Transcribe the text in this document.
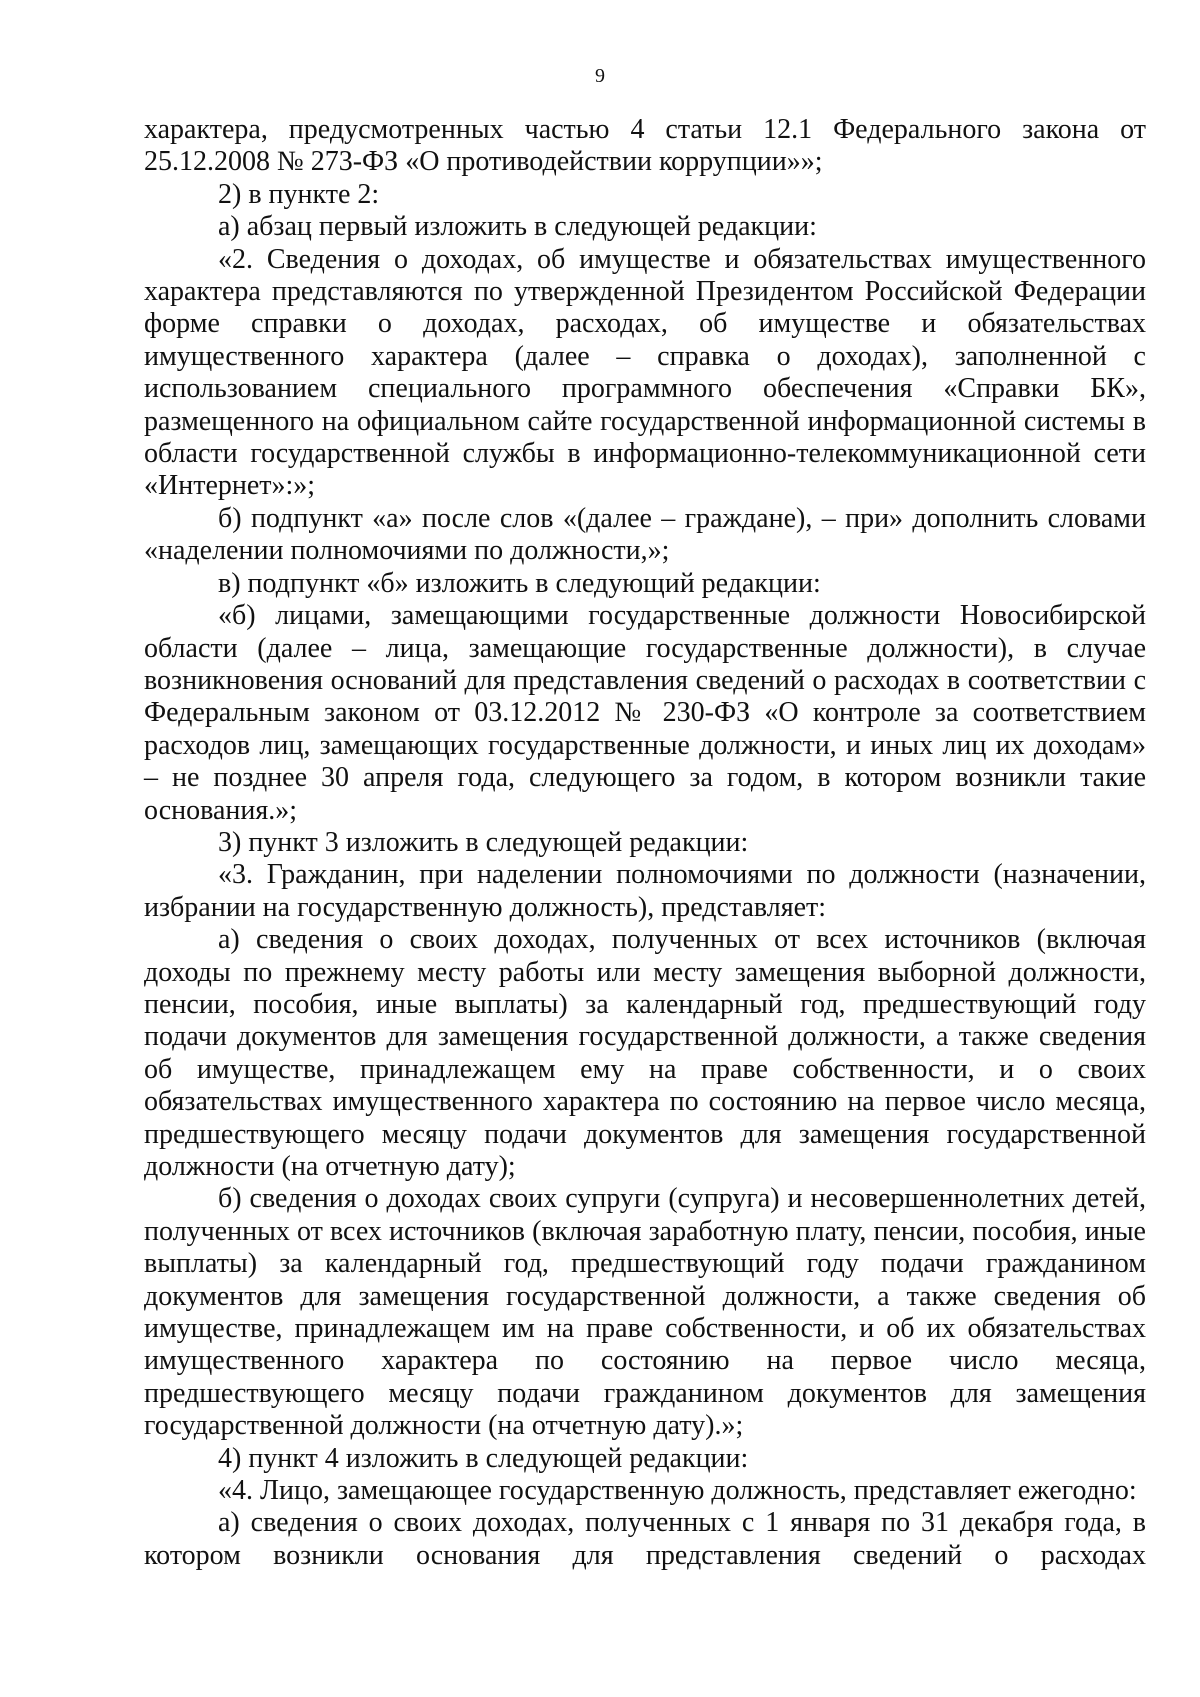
9

характера, предусмотренных частью 4 статьи 12.1 Федерального закона от 25.12.2008 № 273-ФЗ «О противодействии коррупции»»;

2) в пункте 2:

а) абзац первый изложить в следующей редакции:

«2. Сведения о доходах, об имуществе и обязательствах имущественного характера представляются по утвержденной Президентом Российской Федерации форме справки о доходах, расходах, об имуществе и обязательствах имущественного характера (далее – справка о доходах), заполненной с использованием специального программного обеспечения «Справки БК», размещенного на официальном сайте государственной информационной системы в области государственной службы в информационно-телекоммуникационной сети «Интернет»:»;

б) подпункт «а» после слов «(далее – граждане), – при» дополнить словами «наделении полномочиями по должности,»;

в) подпункт «б» изложить в следующий редакции:

«б) лицами, замещающими государственные должности Новосибирской области (далее – лица, замещающие государственные должности), в случае возникновения оснований для представления сведений о расходах в соответствии с Федеральным законом от 03.12.2012 № 230-ФЗ «О контроле за соответствием расходов лиц, замещающих государственные должности, и иных лиц их доходам» – не позднее 30 апреля года, следующего за годом, в котором возникли такие основания.»;

3) пункт 3 изложить в следующей редакции:

«3. Гражданин, при наделении полномочиями по должности (назначении, избрании на государственную должность), представляет:

а) сведения о своих доходах, полученных от всех источников (включая доходы по прежнему месту работы или месту замещения выборной должности, пенсии, пособия, иные выплаты) за календарный год, предшествующий году подачи документов для замещения государственной должности, а также сведения об имуществе, принадлежащем ему на праве собственности, и о своих обязательствах имущественного характера по состоянию на первое число месяца, предшествующего месяцу подачи документов для замещения государственной должности (на отчетную дату);

б) сведения о доходах своих супруги (супруга) и несовершеннолетних детей, полученных от всех источников (включая заработную плату, пенсии, пособия, иные выплаты) за календарный год, предшествующий году подачи гражданином документов для замещения государственной должности, а также сведения об имуществе, принадлежащем им на праве собственности, и об их обязательствах имущественного характера по состоянию на первое число месяца, предшествующего месяцу подачи гражданином документов для замещения государственной должности (на отчетную дату).»;

4) пункт 4 изложить в следующей редакции:

«4. Лицо, замещающее государственную должность, представляет ежегодно:

а) сведения о своих доходах, полученных с 1 января по 31 декабря года, в котором возникли основания для представления сведений о расходах
